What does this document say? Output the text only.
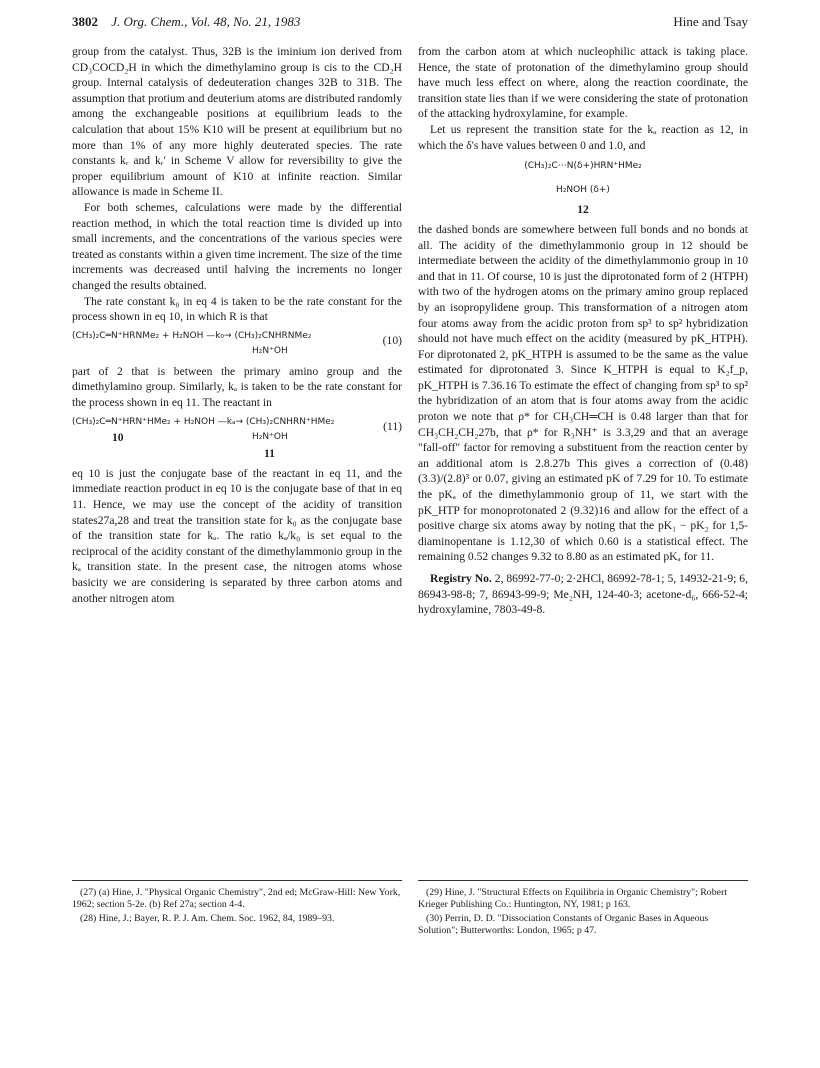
3802 J. Org. Chem., Vol. 48, No. 21, 1983	Hine and Tsay

group from the catalyst. Thus, 32B is the iminium ion derived from CD₃COCD₂H in which the dimethylamino group is cis to the CD₂H group. Internal catalysis of dedeuteration changes 32B to 31B. The assumption that protium and deuterium atoms are distributed randomly among the exchangeable positions at equilibrium leads to the calculation that about 15% K10 will be present at equilibrium but no more than 1% of any more highly deuterated species. The rate constants kᵣ and kᵣ′ in Scheme V allow for reversibility to give the proper equilibrium amount of K10 at infinite reaction. Similar allowance is made in Scheme II.

For both schemes, calculations were made by the differential reaction method, in which the total reaction time is divided up into small increments, and the concentrations of the various species were treated as constants within a given time increment. The size of the time increments was decreased until halving the increments no longer changed the results obtained.

The rate constant k₀ in eq 4 is taken to be the rate constant for the process shown in eq 10, in which R is that

(CH₃)₂C═N⁺HRNMe₂ + H₂NOH —k₀→ (CH₃)₂CNHRNMe₂	(10)
H₂N⁺OH

part of 2 that is between the primary amino group and the dimethylamino group. Similarly, kₐ is taken to be the rate constant for the process shown in eq 11. The reactant in

(CH₃)₂C═N⁺HRN⁺HMe₂ + H₂NOH —kₐ→ (CH₃)₂CNHRN⁺HMe₂	(11)
10	H₂N⁺OH
11

eq 10 is just the conjugate base of the reactant in eq 11, and the immediate reaction product in eq 10 is the conjugate base of that in eq 11. Hence, we may use the concept of the acidity of transition states27a,28 and treat the transition state for k₀ as the conjugate base of the transition state for kₐ. The ratio kₐ/k₀ is set equal to the reciprocal of the acidity constant of the dimethylammonio group in the kₐ transition state. In the present case, the nitrogen atoms whose basicity we are considering is separated by three carbon atoms and another nitrogen atom

from the carbon atom at which nucleophilic attack is taking place. Hence, the state of protonation of the dimethylamino group should have much less effect on where, along the reaction coordinate, the transition state lies than if we were considering the state of protonation of the attacking hydroxylamine, for example.

Let us represent the transition state for the kₐ reaction as 12, in which the δ's have values between 0 and 1.0, and

(CH₃)₂C⋯N(δ+)HRN⁺HMe₂
H₂NOH (δ+)
12

the dashed bonds are somewhere between full bonds and no bonds at all. The acidity of the dimethylammonio group in 12 should be intermediate between the acidity of the dimethylammonio group in 10 and that in 11. Of course, 10 is just the diprotonated form of 2 (HTPH) with two of the hydrogen atoms on the primary amino group replaced by an isopropylidene group. This transformation of a nitrogen atom four atoms away from the acidic proton from sp³ to sp² hybridization should not have much effect on the acidity (measured by pK_HTPH). For diprotonated 2, pK_HTPH is assumed to be the same as the value estimated for diprotonated 3. Since K_HTPH is equal to K₂f_p, pK_HTPH is 7.36.16 To estimate the effect of changing from sp³ to sp² the hybridization of an atom that is four atoms away from the acidic proton we note that ρ* for CH₃CH═CH is 0.48 larger than that for CH₃CH₂CH₂27b, that ρ* for R₃NH⁺ is 3.3,29 and that an average "fall-off" factor for removing a substituent from the reaction center by an additional atom is 2.8.27b This gives a correction of (0.48)(3.3)/(2.8)³ or 0.07, giving an estimated pK of 7.29 for 10. To estimate the pKₐ of the dimethylammonio group of 11, we start with the pK_HTP for monoprotonated 2 (9.32)16 and allow for the effect of a positive charge six atoms away by noting that the pK₁ − pK₂ for 1,5-diaminopentane is 1.12,30 of which 0.60 is a statistical effect. The remaining 0.52 changes 9.32 to 8.80 as an estimated pKₐ for 11.

Registry No. 2, 86992-77-0; 2·2HCl, 86992-78-1; 5, 14932-21-9; 6, 86943-98-8; 7, 86943-99-9; Me₂NH, 124-40-3; acetone-d₆, 666-52-4; hydroxylamine, 7803-49-8.

(27) (a) Hine, J. "Physical Organic Chemistry", 2nd ed; McGraw-Hill: New York, 1962; section 5-2e. (b) Ref 27a; section 4-4.

(28) Hine, J.; Bayer, R. P. J. Am. Chem. Soc. 1962, 84, 1989–93.

(29) Hine, J. "Structural Effects on Equilibria in Organic Chemistry"; Robert Krieger Publishing Co.: Huntington, NY, 1981; p 163.

(30) Perrin, D. D. "Dissociation Constants of Organic Bases in Aqueous Solution"; Butterworths: London, 1965; p 47.
